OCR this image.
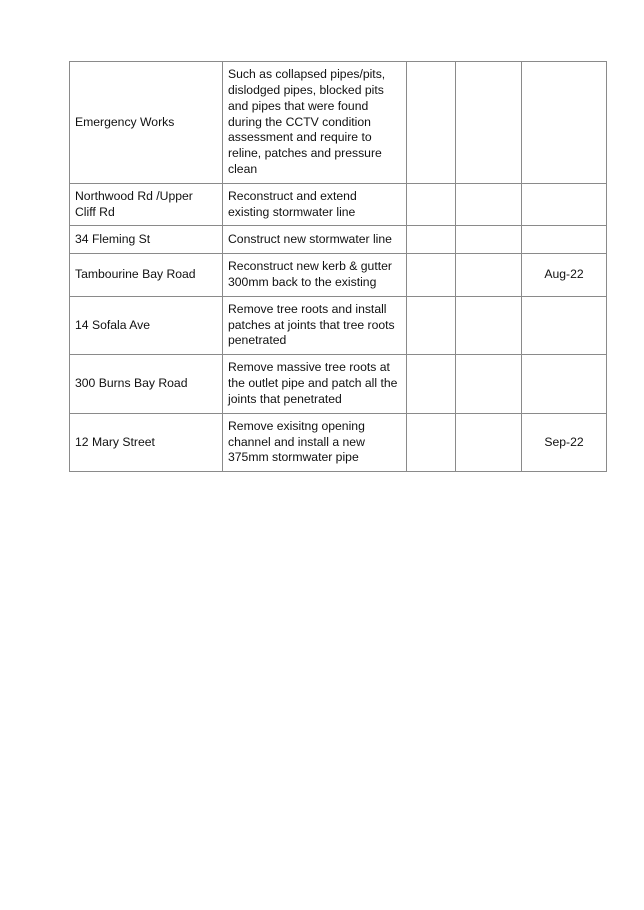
Emergency Works	Such as collapsed pipes/pits, dislodged pipes, blocked pits and pipes that were found during the CCTV condition assessment and require to reline, patches and pressure clean			
Northwood Rd /Upper Cliff Rd	Reconstruct and extend existing stormwater line			
34 Fleming St	Construct new stormwater line			
Tambourine Bay Road	Reconstruct new kerb & gutter 300mm back to the existing			Aug-22
14 Sofala Ave	Remove tree roots and install patches at joints that tree roots penetrated			
300 Burns Bay Road	Remove massive tree roots at the outlet pipe and patch all the joints that penetrated			
12 Mary Street	Remove exisitng opening channel and install a new 375mm stormwater pipe			Sep-22
